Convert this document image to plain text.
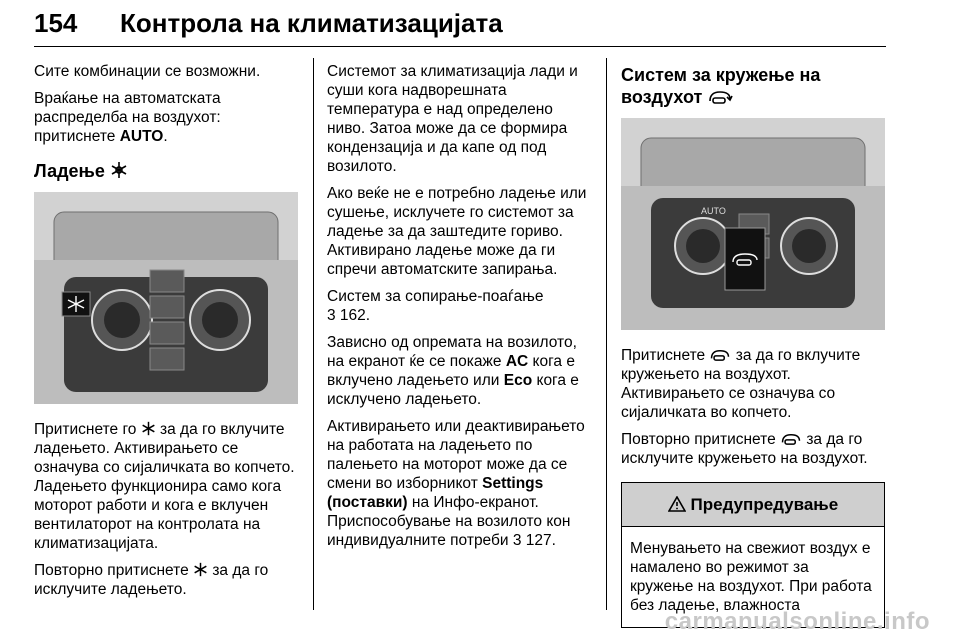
154 Контрола на климатизацијата

Сите комбинации се возможни.

Враќање на автоматската распределба на воздухот: притиснете AUTO.

Ладење

Притиснете го за да го вклучите ладењето. Активирањето се означува со сијаличката во копчето. Ладењето функционира само кога моторот работи и кога е вклучен вентилаторот на контролата на климатизацијата.

Повторно притиснете за да го исклучите ладењето.

Системот за климатизација лади и суши кога надворешната температура е над определено ниво. Затоа може да се формира кондензација и да капе од под возилото.

Ако веќе не е потребно ладење или сушење, исклучете го системот за ладење за да заштедите гориво. Активирано ладење може да ги спречи автоматските запирања.

Систем за сопирање-поаѓање
3 162.

Зависно од опремата на возилото, на екранот ќе се покаже AC кога е вклучено ладењето или Eco кога е исклучено ладењето.

Активирањето или деактивирањето на работата на ладењето по палењето на моторот може да се смени во изборникот Settings (поставки) на Инфо-екранот. Приспособување на возилото кон индивидуалните потреби 3 127.

Систем за кружење на воздухот
AUTO

Притиснете за да го вклучите кружењето на воздухот. Активирањето се означува со сијаличката во копчето.

Повторно притиснете за да го исклучите кружењето на воздухот.

Предупредување
Менувањето на свежиот воздух е намалено во режимот за кружење на воздухот. При работа без ладење, влажноста
carmanualsonline.info
